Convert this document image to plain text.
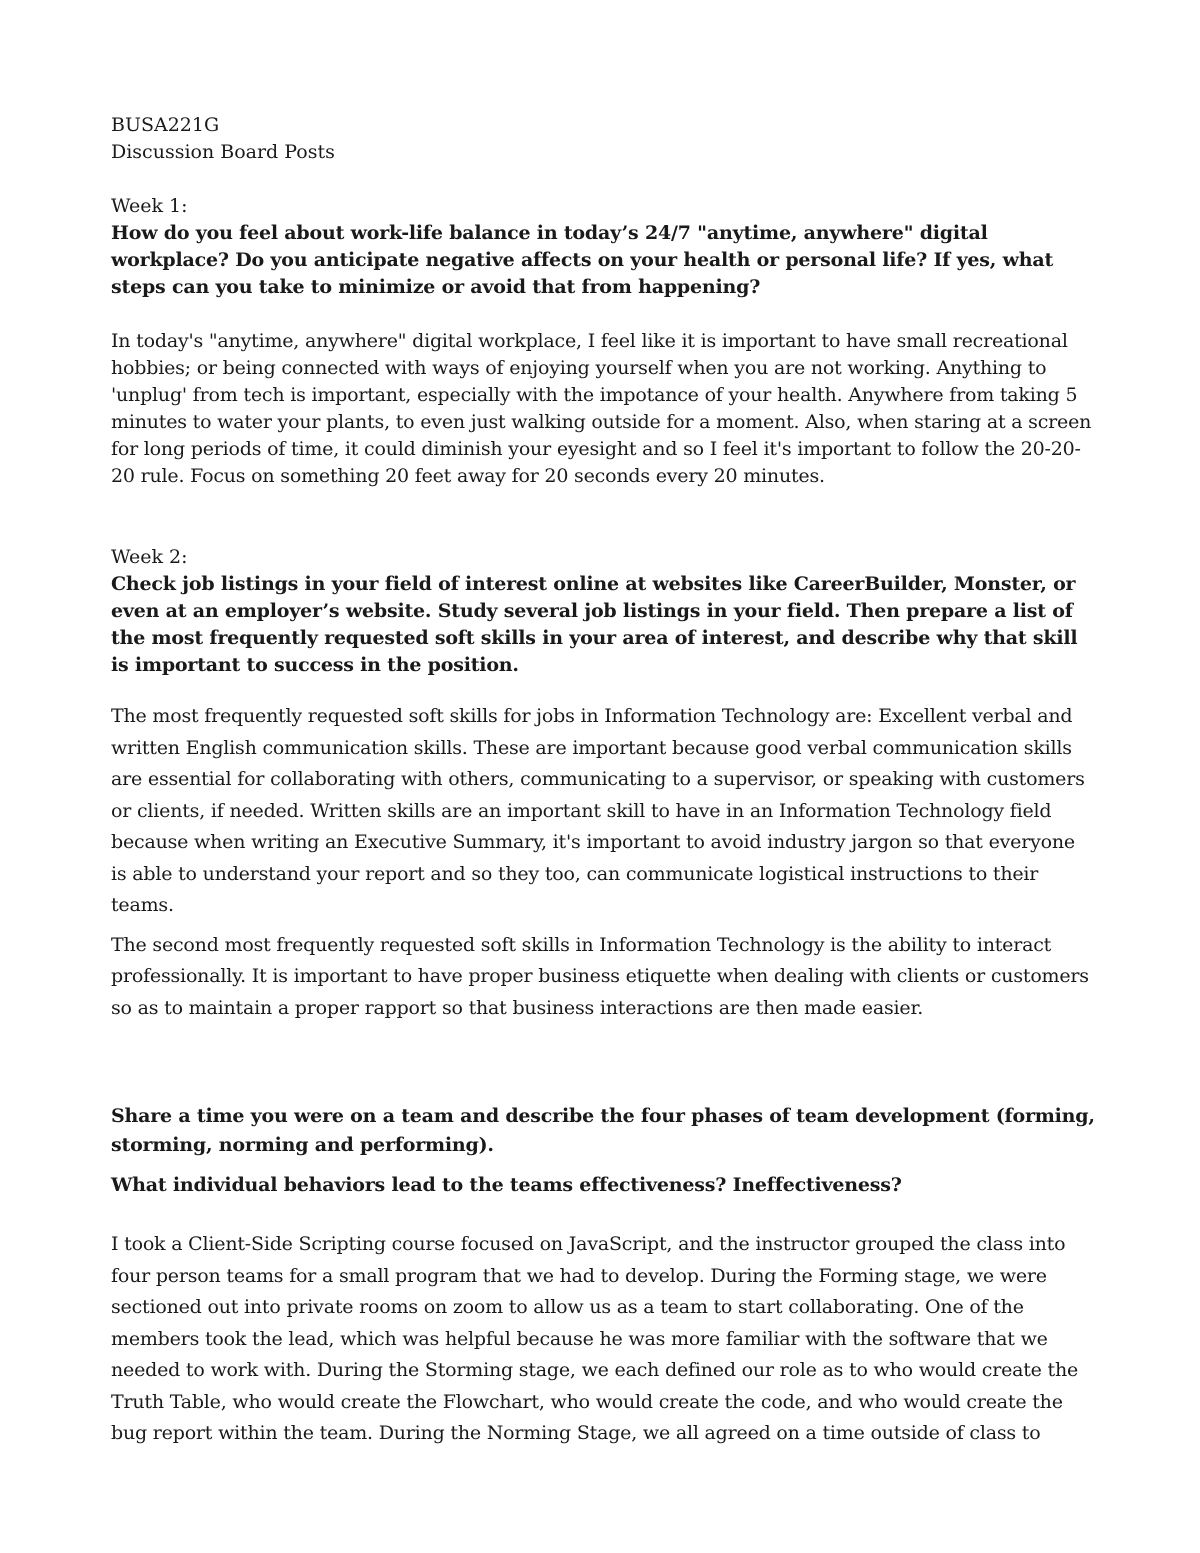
BUSA221G

Discussion Board Posts

Week 1:

How do you feel about work-life balance in today’s 24/7 "anytime, anywhere" digital workplace? Do you anticipate negative affects on your health or personal life? If yes, what steps can you take to minimize or avoid that from happening?

In today's "anytime, anywhere" digital workplace, I feel like it is important to have small recreational hobbies; or being connected with ways of enjoying yourself when you are not working. Anything to 'unplug' from tech is important, especially with the impotance of your health. Anywhere from taking 5 minutes to water your plants, to even just walking outside for a moment. Also, when staring at a screen for long periods of time, it could diminish your eyesight and so I feel it's important to follow the 20-20-20 rule. Focus on something 20 feet away for 20 seconds every 20 minutes.

Week 2:

Check job listings in your field of interest online at websites like CareerBuilder, Monster, or even at an employer’s website. Study several job listings in your field. Then prepare a list of the most frequently requested soft skills in your area of interest, and describe why that skill is important to success in the position.

The most frequently requested soft skills for jobs in Information Technology are: Excellent verbal and written English communication skills. These are important because good verbal communication skills are essential for collaborating with others, communicating to a supervisor, or speaking with customers or clients, if needed. Written skills are an important skill to have in an Information Technology field because when writing an Executive Summary, it's important to avoid industry jargon so that everyone is able to understand your report and so they too, can communicate logistical instructions to their teams.

The second most frequently requested soft skills in Information Technology is the ability to interact professionally. It is important to have proper business etiquette when dealing with clients or customers so as to maintain a proper rapport so that business interactions are then made easier.

Share a time you were on a team and describe the four phases of team development (forming, storming, norming and performing).

What individual behaviors lead to the teams effectiveness? Ineffectiveness?

I took a Client-Side Scripting course focused on JavaScript, and the instructor grouped the class into four person teams for a small program that we had to develop. During the Forming stage, we were sectioned out into private rooms on zoom to allow us as a team to start collaborating. One of the members took the lead, which was helpful because he was more familiar with the software that we needed to work with. During the Storming stage, we each defined our role as to who would create the Truth Table, who would create the Flowchart, who would create the code, and who would create the bug report within the team. During the Norming Stage, we all agreed on a time outside of class to
